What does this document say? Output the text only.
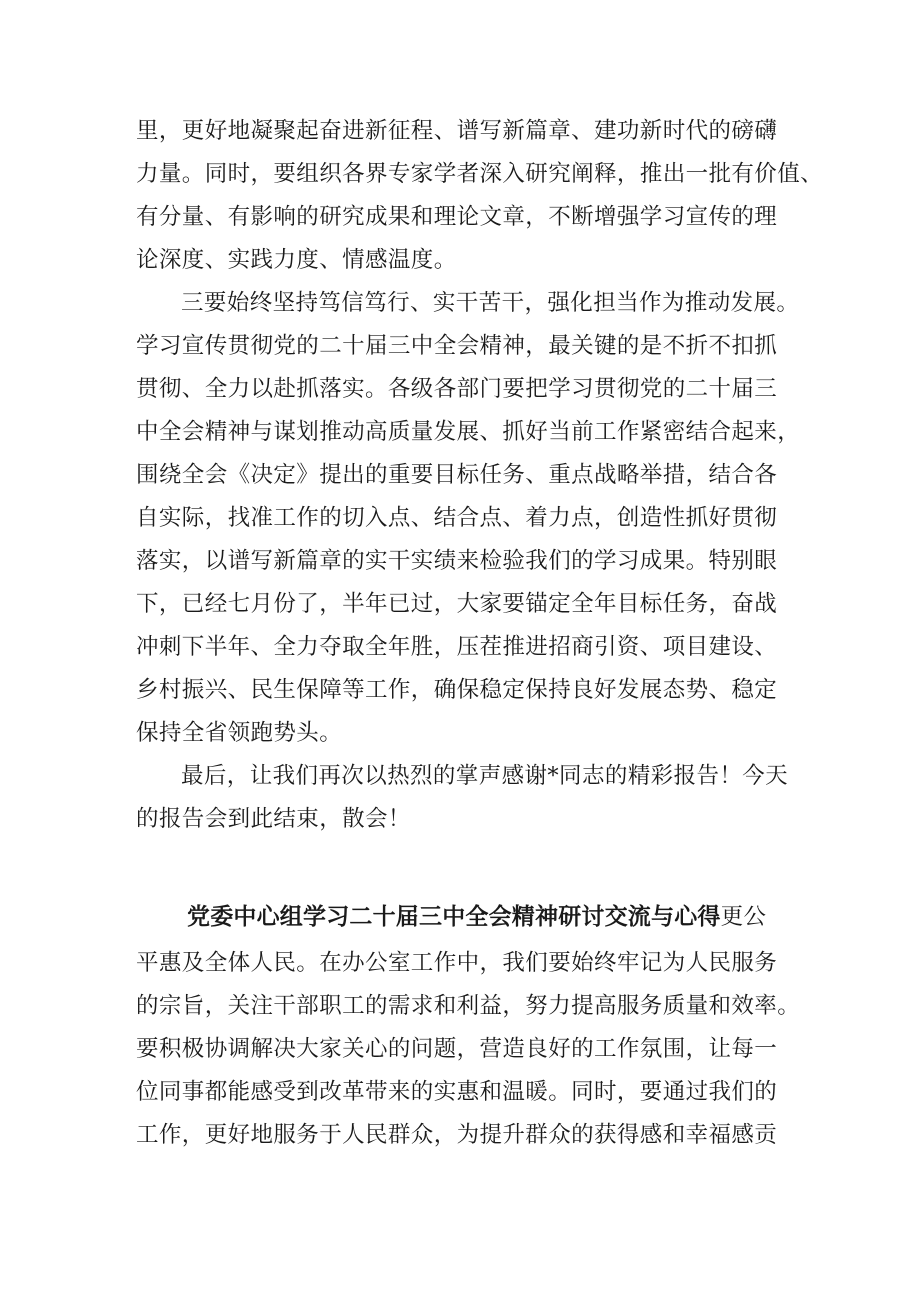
里，更好地凝聚起奋进新征程、谱写新篇章、建功新时代的磅礴
力量。同时，要组织各界专家学者深入研究阐释，推出一批有价值、
有分量、有影响的研究成果和理论文章，不断增强学习宣传的理
论深度、实践力度、情感温度。
三要始终坚持笃信笃行、实干苦干，强化担当作为推动发展。
学习宣传贯彻党的二十届三中全会精神，最关键的是不折不扣抓
贯彻、全力以赴抓落实。各级各部门要把学习贯彻党的二十届三
中全会精神与谋划推动高质量发展、抓好当前工作紧密结合起来，
围绕全会《决定》提出的重要目标任务、重点战略举措，结合各
自实际，找准工作的切入点、结合点、着力点，创造性抓好贯彻
落实，以谱写新篇章的实干实绩来检验我们的学习成果。特别眼
下，已经七月份了，半年已过，大家要锚定全年目标任务，奋战
冲刺下半年、全力夺取全年胜，压茬推进招商引资、项目建设、
乡村振兴、民生保障等工作，确保稳定保持良好发展态势、稳定
保持全省领跑势头。
最后，让我们再次以热烈的掌声感谢*同志的精彩报告！今天
的报告会到此结束，散会！
党委中心组学习二十届三中全会精神研讨交流与心得更公
平惠及全体人民。在办公室工作中，我们要始终牢记为人民服务
的宗旨，关注干部职工的需求和利益，努力提高服务质量和效率。
要积极协调解决大家关心的问题，营造良好的工作氛围，让每一
位同事都能感受到改革带来的实惠和温暖。同时，要通过我们的
工作，更好地服务于人民群众，为提升群众的获得感和幸福感贡
